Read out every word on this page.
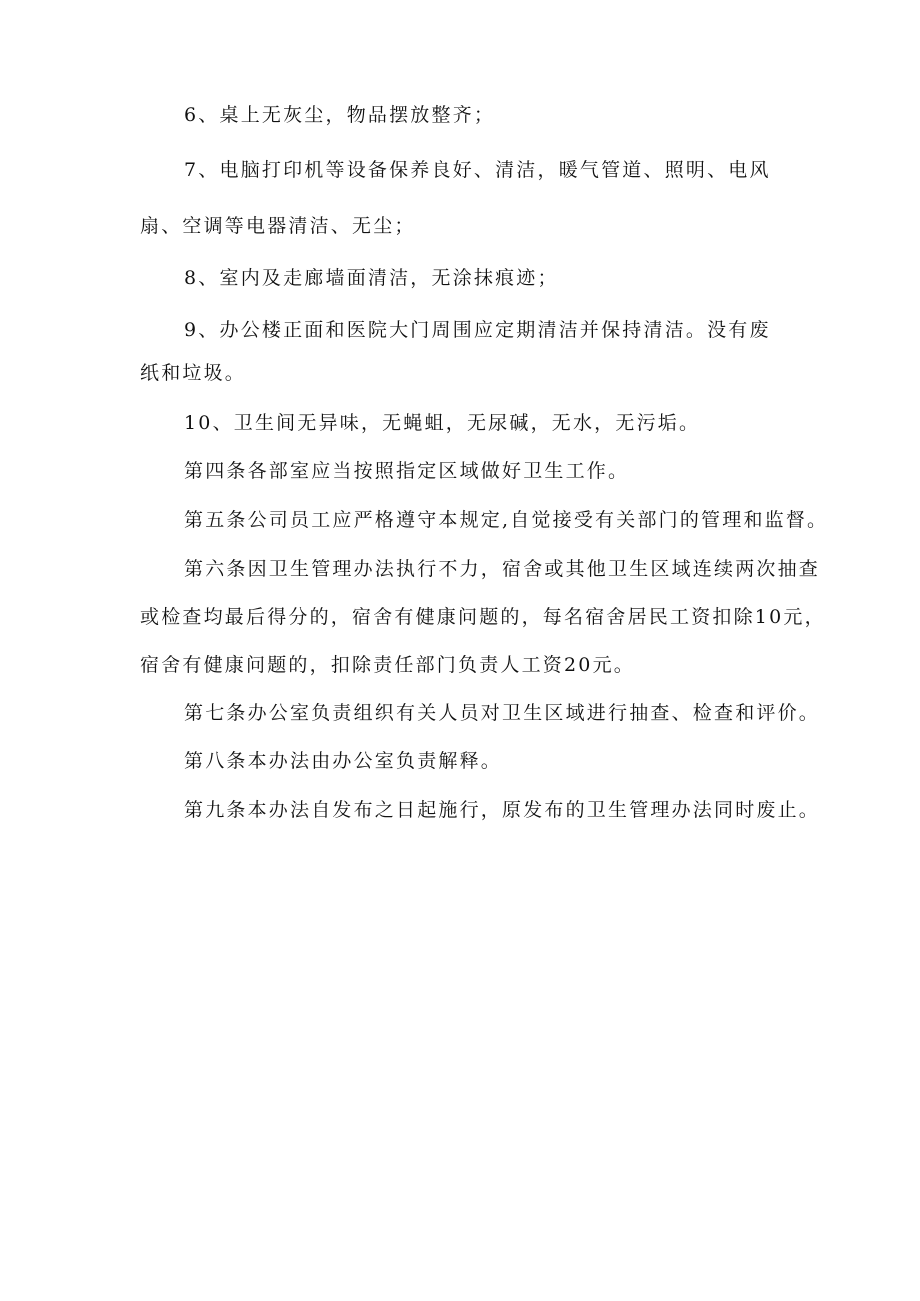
6、桌上无灰尘，物品摆放整齐；
7、电脑打印机等设备保养良好、清洁，暖气管道、照明、电风
扇、空调等电器清洁、无尘；
8、室内及走廊墙面清洁，无涂抹痕迹；
9、办公楼正面和医院大门周围应定期清洁并保持清洁。没有废
纸和垃圾。
10、卫生间无异味，无蝇蛆，无尿碱，无水，无污垢。
第四条各部室应当按照指定区域做好卫生工作。
第五条公司员工应严格遵守本规定,自觉接受有关部门的管理和监督。
第六条因卫生管理办法执行不力，宿舍或其他卫生区域连续两次抽查
或检查均最后得分的，宿舍有健康问题的，每名宿舍居民工资扣除10元，
宿舍有健康问题的，扣除责任部门负责人工资20元。
第七条办公室负责组织有关人员对卫生区域进行抽查、检查和评价。
第八条本办法由办公室负责解释。
第九条本办法自发布之日起施行，原发布的卫生管理办法同时废止。
